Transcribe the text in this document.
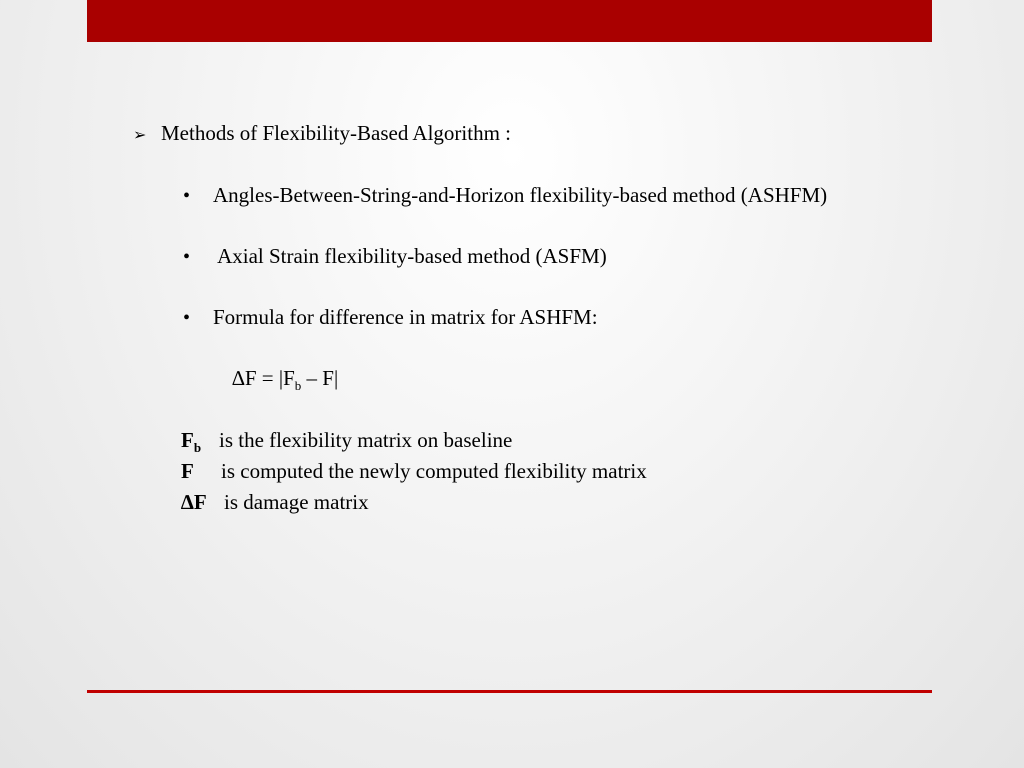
➢ Methods of Flexibility-Based Algorithm :
• Angles-Between-String-and-Horizon flexibility-based method (ASHFM)
• Axial Strain flexibility-based method (ASFM)
• Formula for difference in matrix for ASHFM:
$\Delta F = |F_b - F|$
$F_b$ is the flexibility matrix on baseline
F is computed the newly computed flexibility matrix
∆F is damage matrix
